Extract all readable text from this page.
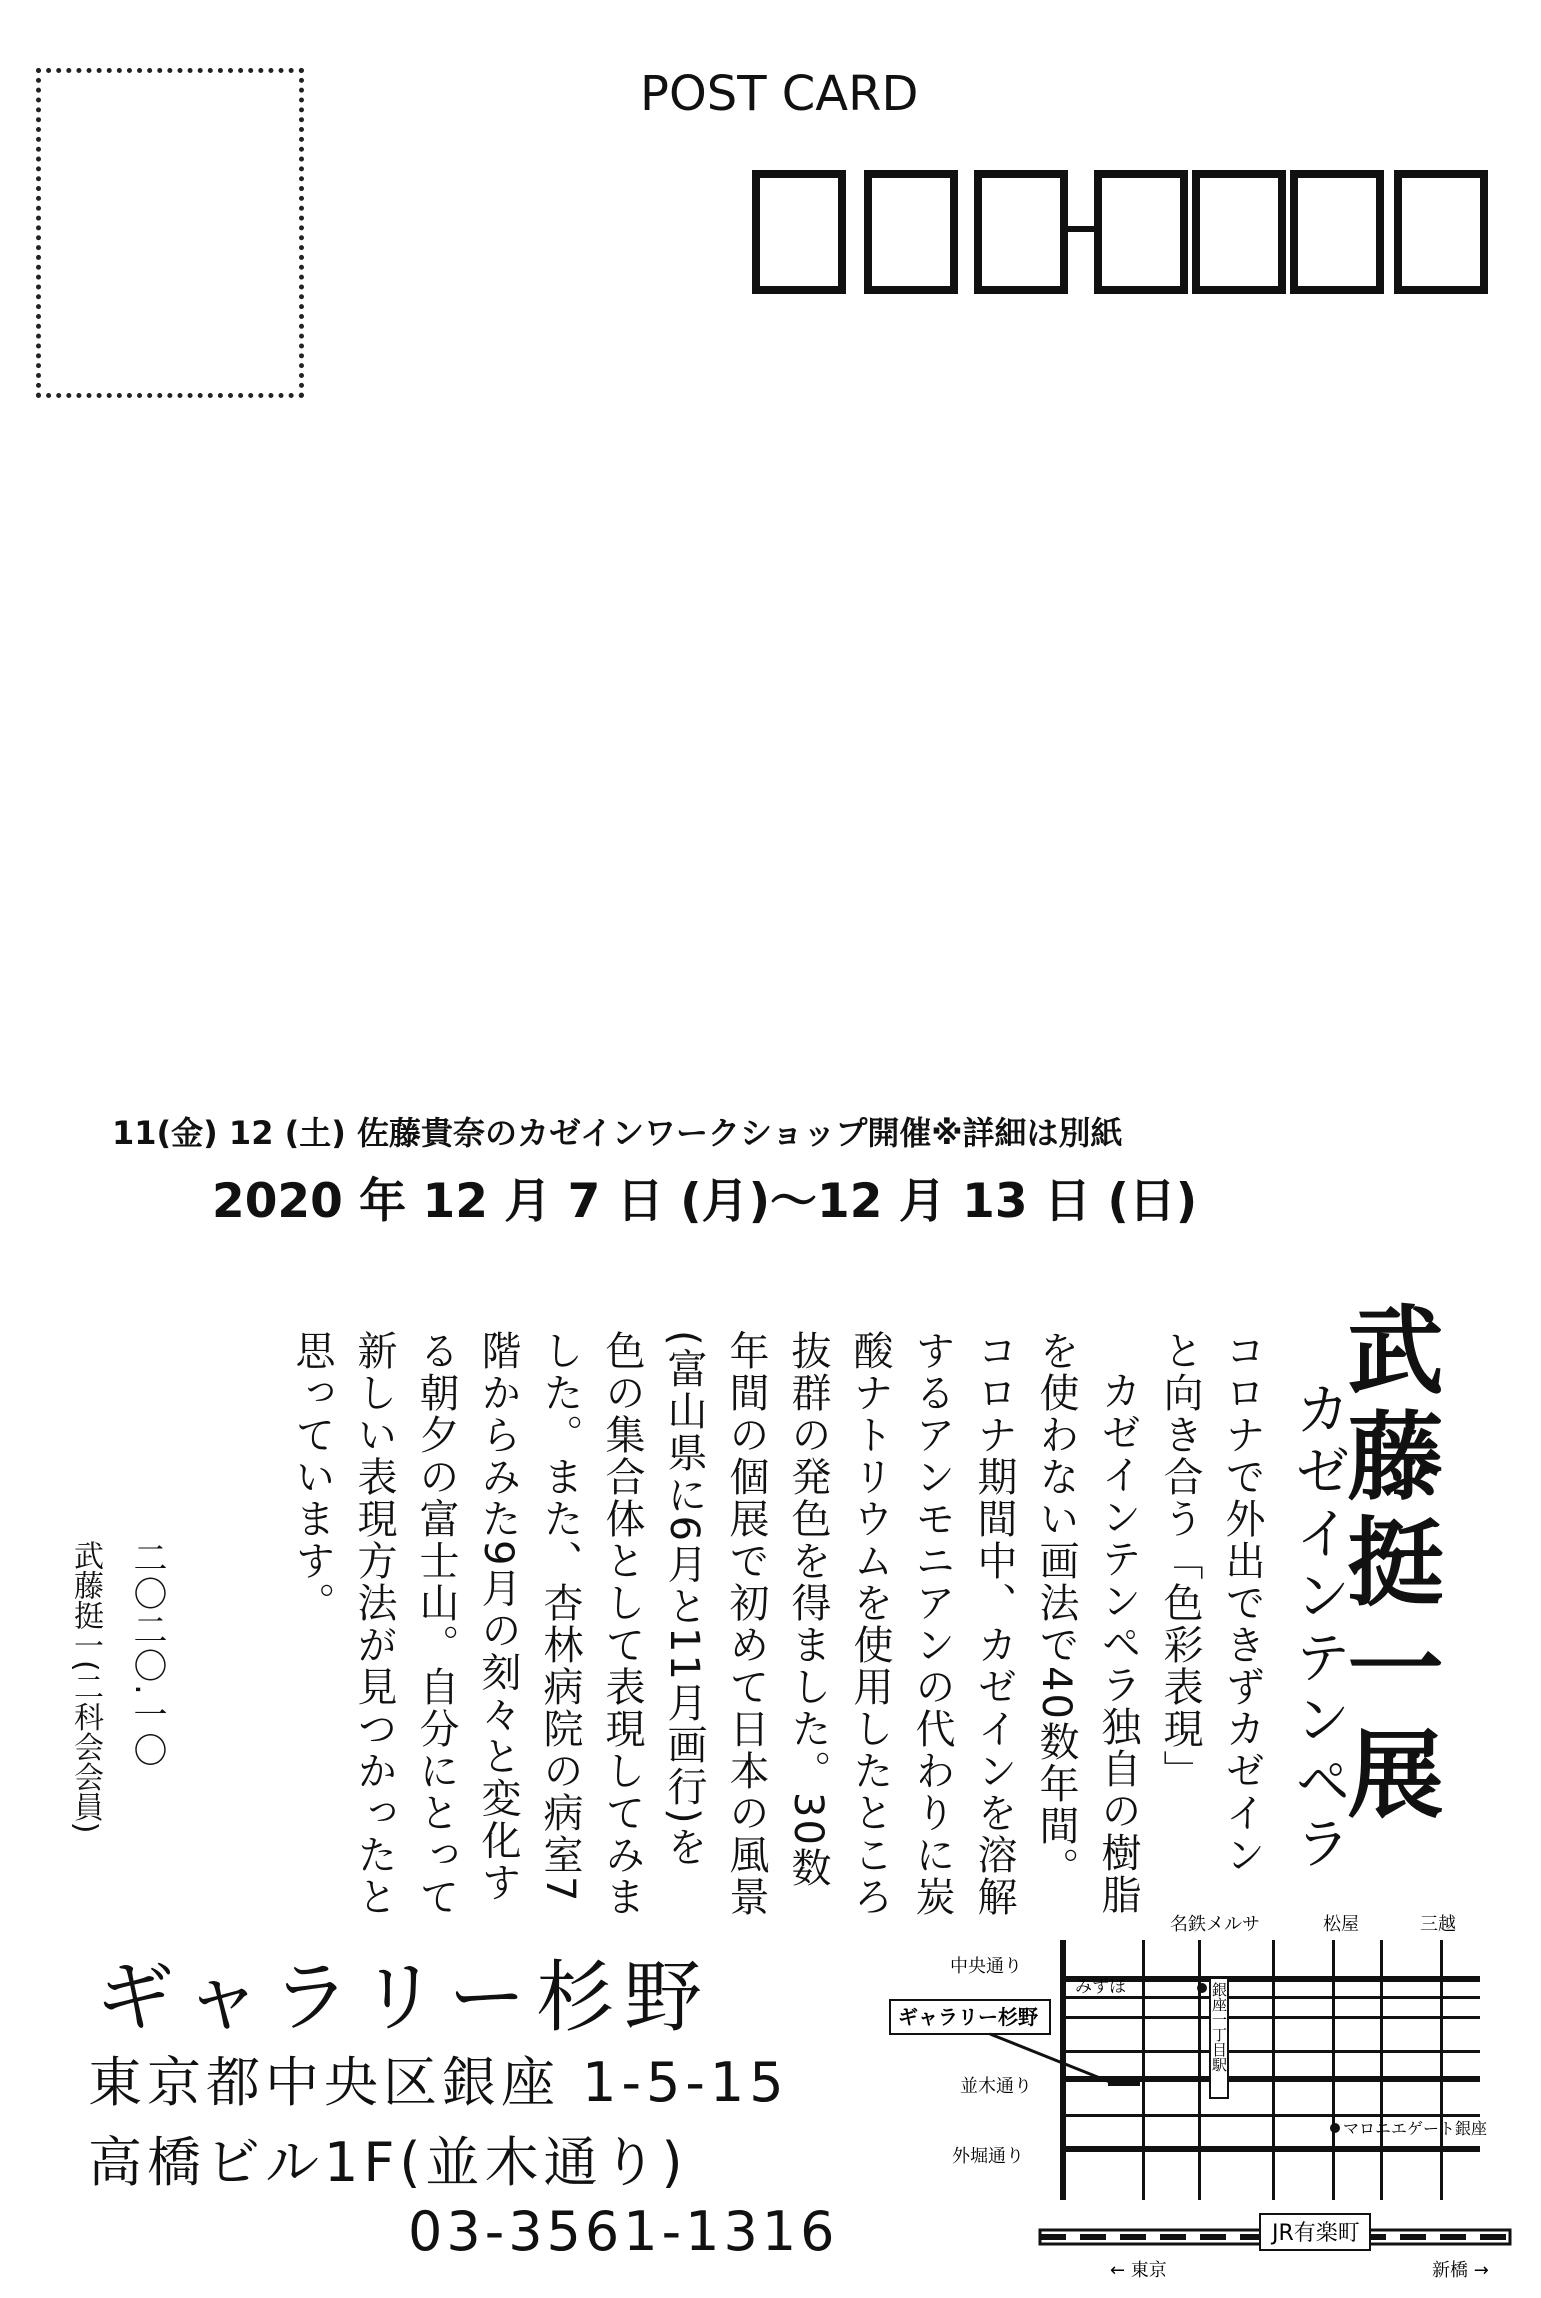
POST CARD
11(金) 12 (土) 佐藤貴奈のカゼインワークショップ開催※詳細は別紙
2020 年 12 月 7 日 (月)〜12 月 13 日 (日)
武藤挺一展
カゼインテンペラ
コロナで外出できずカゼイン
と向き合う「色彩表現」
カゼインテンペラ独自の樹脂
を使わない画法で40数年間。
コロナ期間中、カゼインを溶解
するアンモニアンの代わりに炭
酸ナトリウムを使用したところ
抜群の発色を得ました。30数
年間の個展で初めて日本の風景
(富山県に6月と11月画行)を
色の集合体として表現してみま
した。また、杏林病院の病室7
階からみた9月の刻々と変化す
る朝夕の富士山。自分にとって
新しい表現方法が見つかったと
思っています。
二〇二〇.一〇
武藤挺一(二科会会員)
ギャラリー杉野
東京都中央区銀座 1-5-15
高橋ビル1F(並木通り)
03-3561-1316
銀座一丁目駅
みずほ
ギャラリー杉野
マロニエゲート銀座
名鉄メルサ	松屋	三越
中央通り
並木通り
外堀通り
JR有楽町
← 東京	新橋 →
